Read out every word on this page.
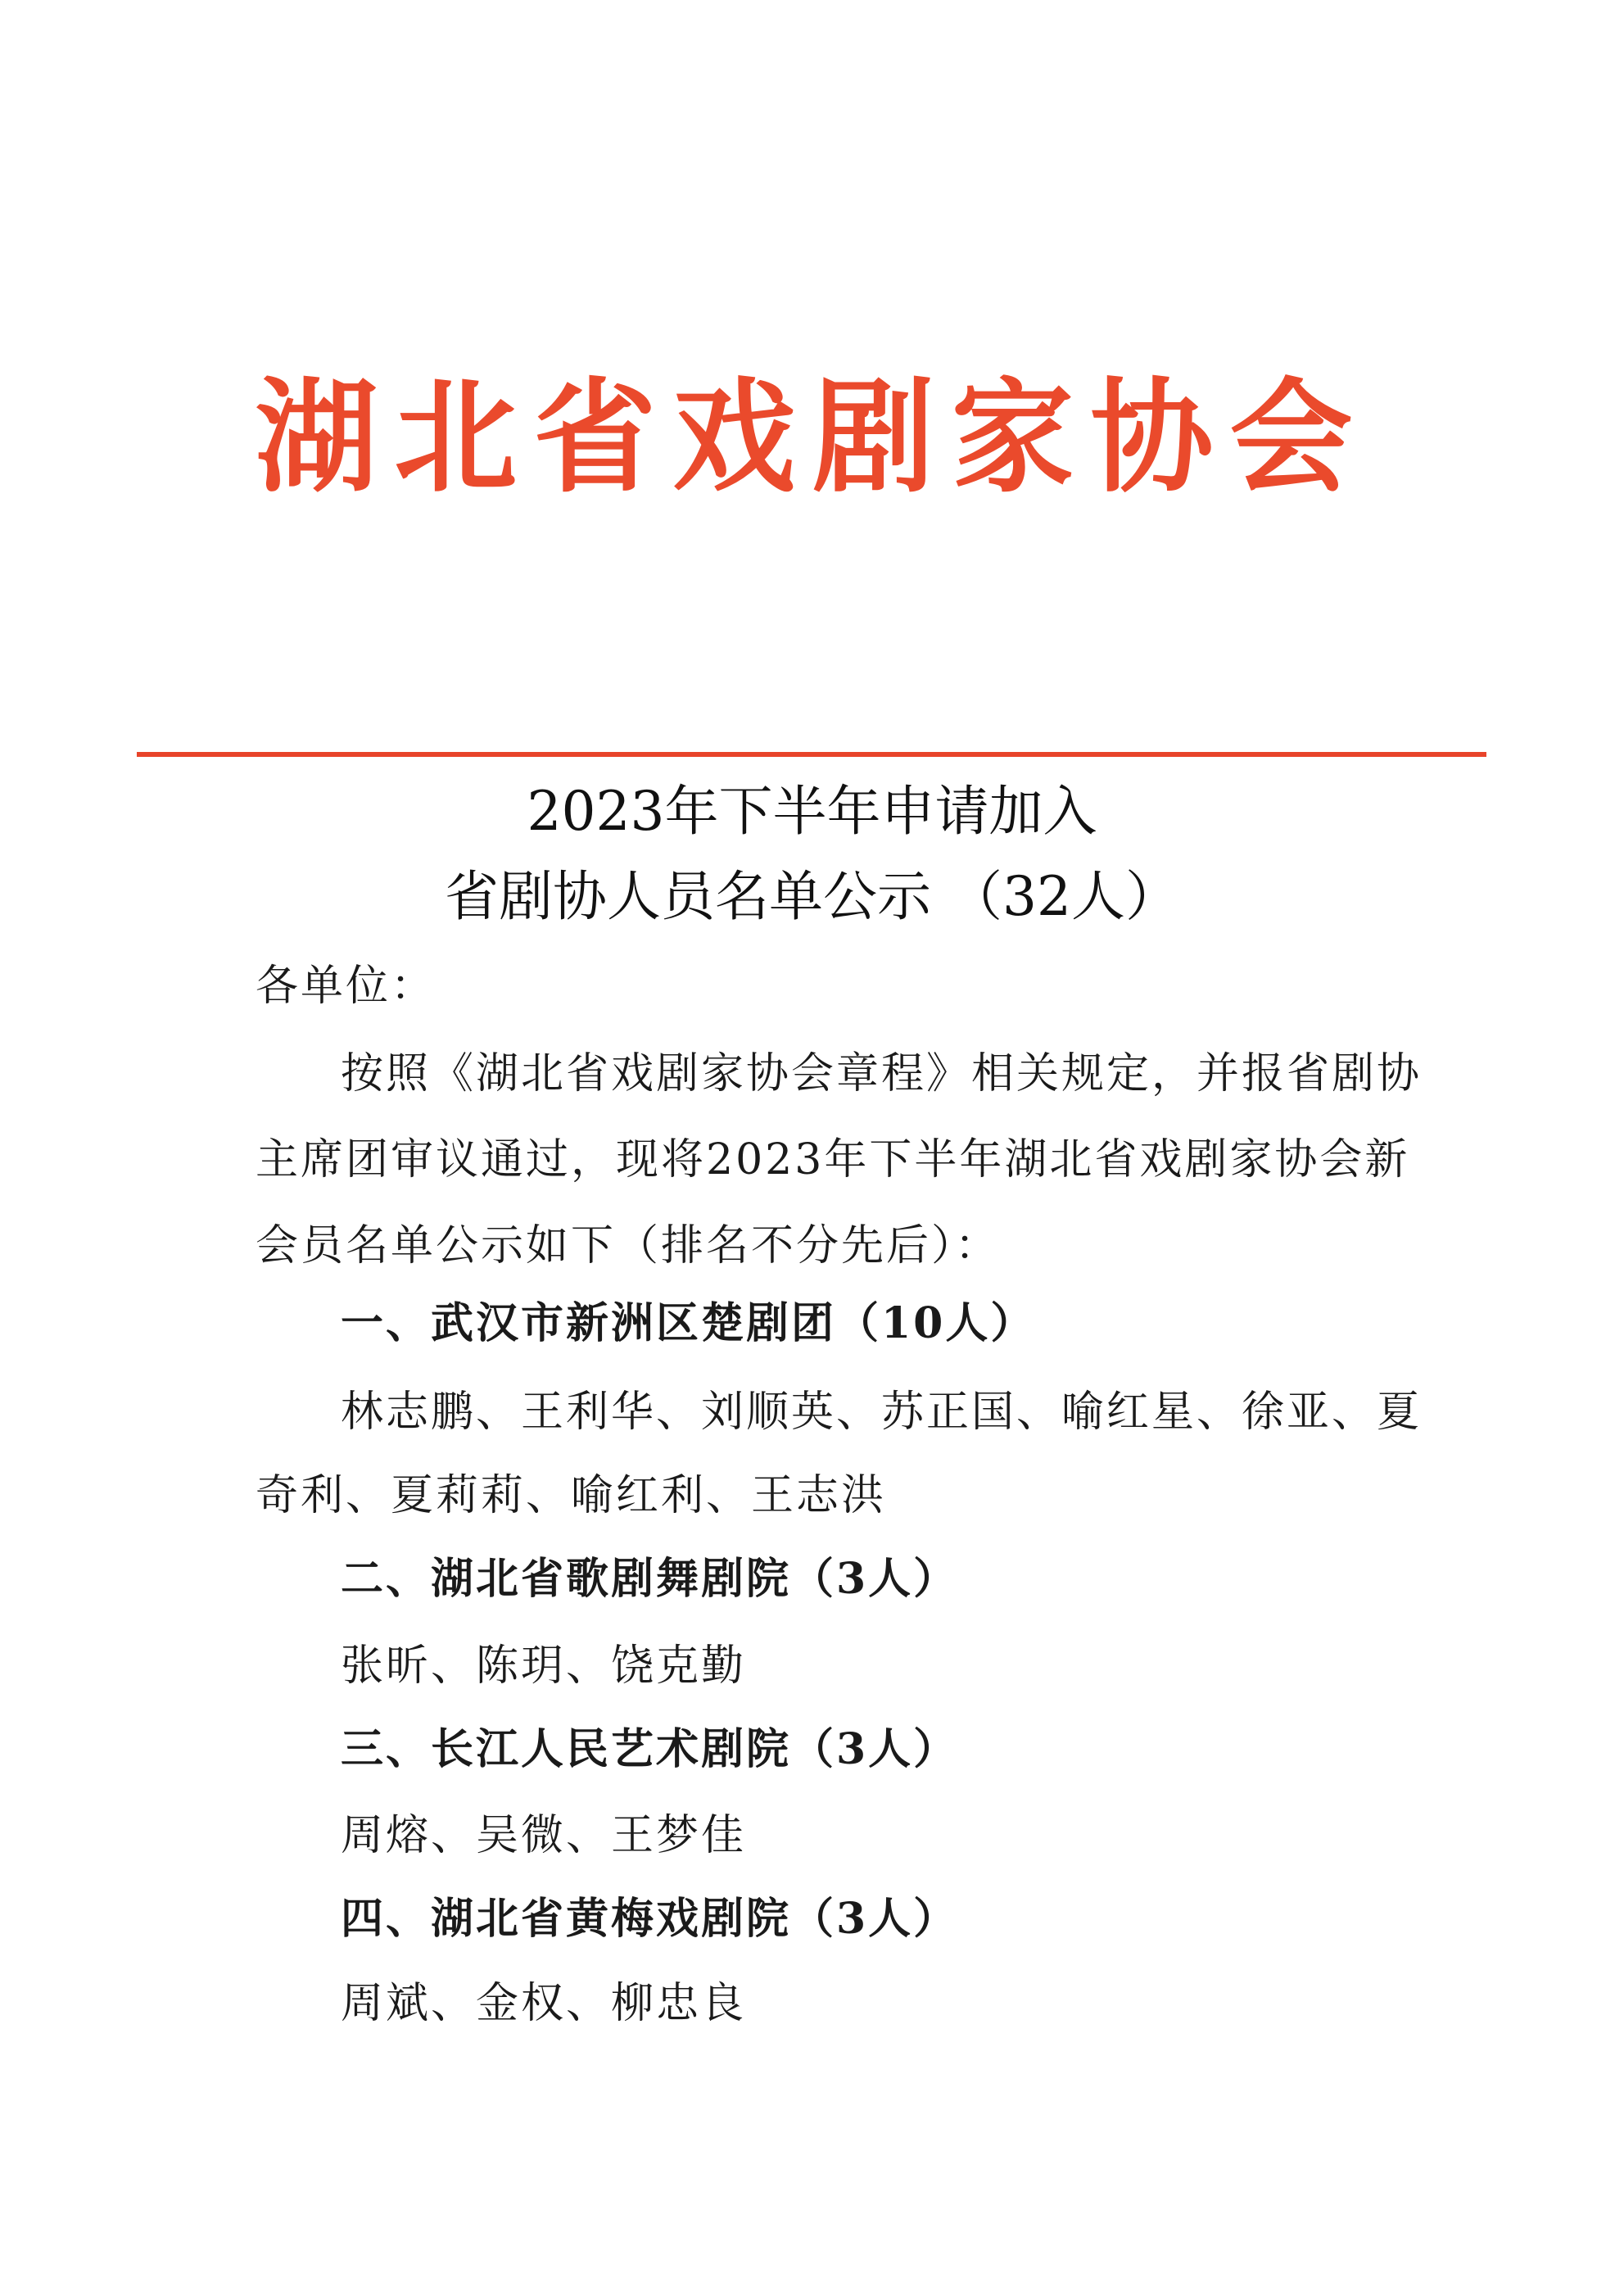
湖北省戏剧家协会
2023年下半年申请加入
省剧协人员名单公示 （32人）
各单位：
按照《湖北省戏剧家协会章程》相关规定，并报省剧协
主席团审议通过，现将2023年下半年湖北省戏剧家协会新
会员名单公示如下（排名不分先后）：
一、武汉市新洲区楚剧团（10人）
林志鹏、王利华、刘顺英、苏正国、喻红星、徐亚、夏
奇利、夏莉莉、喻红利、王志洪
二、湖北省歌剧舞剧院（3人）
张昕、陈玥、饶克勤
三、长江人民艺术剧院（3人）
周熔、吴微、王梦佳
四、湖北省黄梅戏剧院（3人）
周斌、金权、柳忠良
